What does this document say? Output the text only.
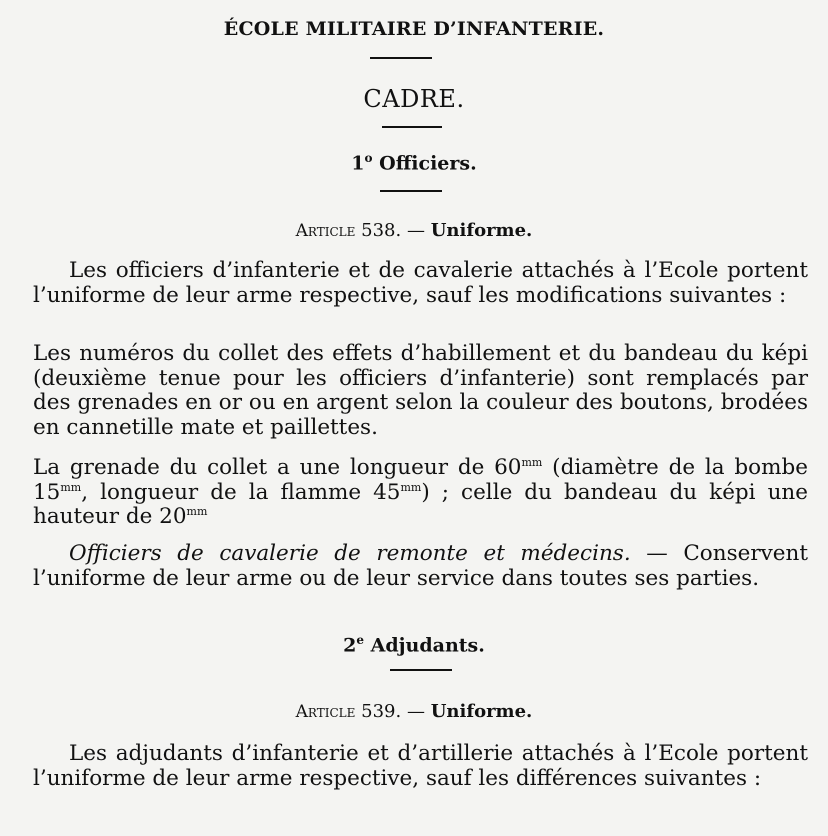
ÉCOLE MILITAIRE D’INFANTERIE.
CADRE.
1$^o$ Officiers.
Article 538. — Uniforme.
Les officiers d’infanterie et de cavalerie attachés à l’Ecole portent l’uniforme de leur arme respective, sauf les modifications suivantes :
Les numéros du collet des effets d’habillement et du bandeau du képi (deuxième tenue pour les officiers d’infanterie) sont remplacés par des grenades en or ou en argent selon la couleur des boutons, brodées en cannetille mate et paillettes.
La grenade du collet a une longueur de $60^{mm}$ (diamètre de la bombe $15^{mm}$, longueur de la flamme $45^{mm}$) ; celle du bandeau du képi une hauteur de $20^{mm}$
Officiers de cavalerie de remonte et médecins. — Conservent l’uniforme de leur arme ou de leur service dans toutes ses parties.
2e Adjudants.
Article 539. — Uniforme.
Les adjudants d’infanterie et d’artillerie attachés à l’Ecole portent l’uniforme de leur arme respective, sauf les différences suivantes :
